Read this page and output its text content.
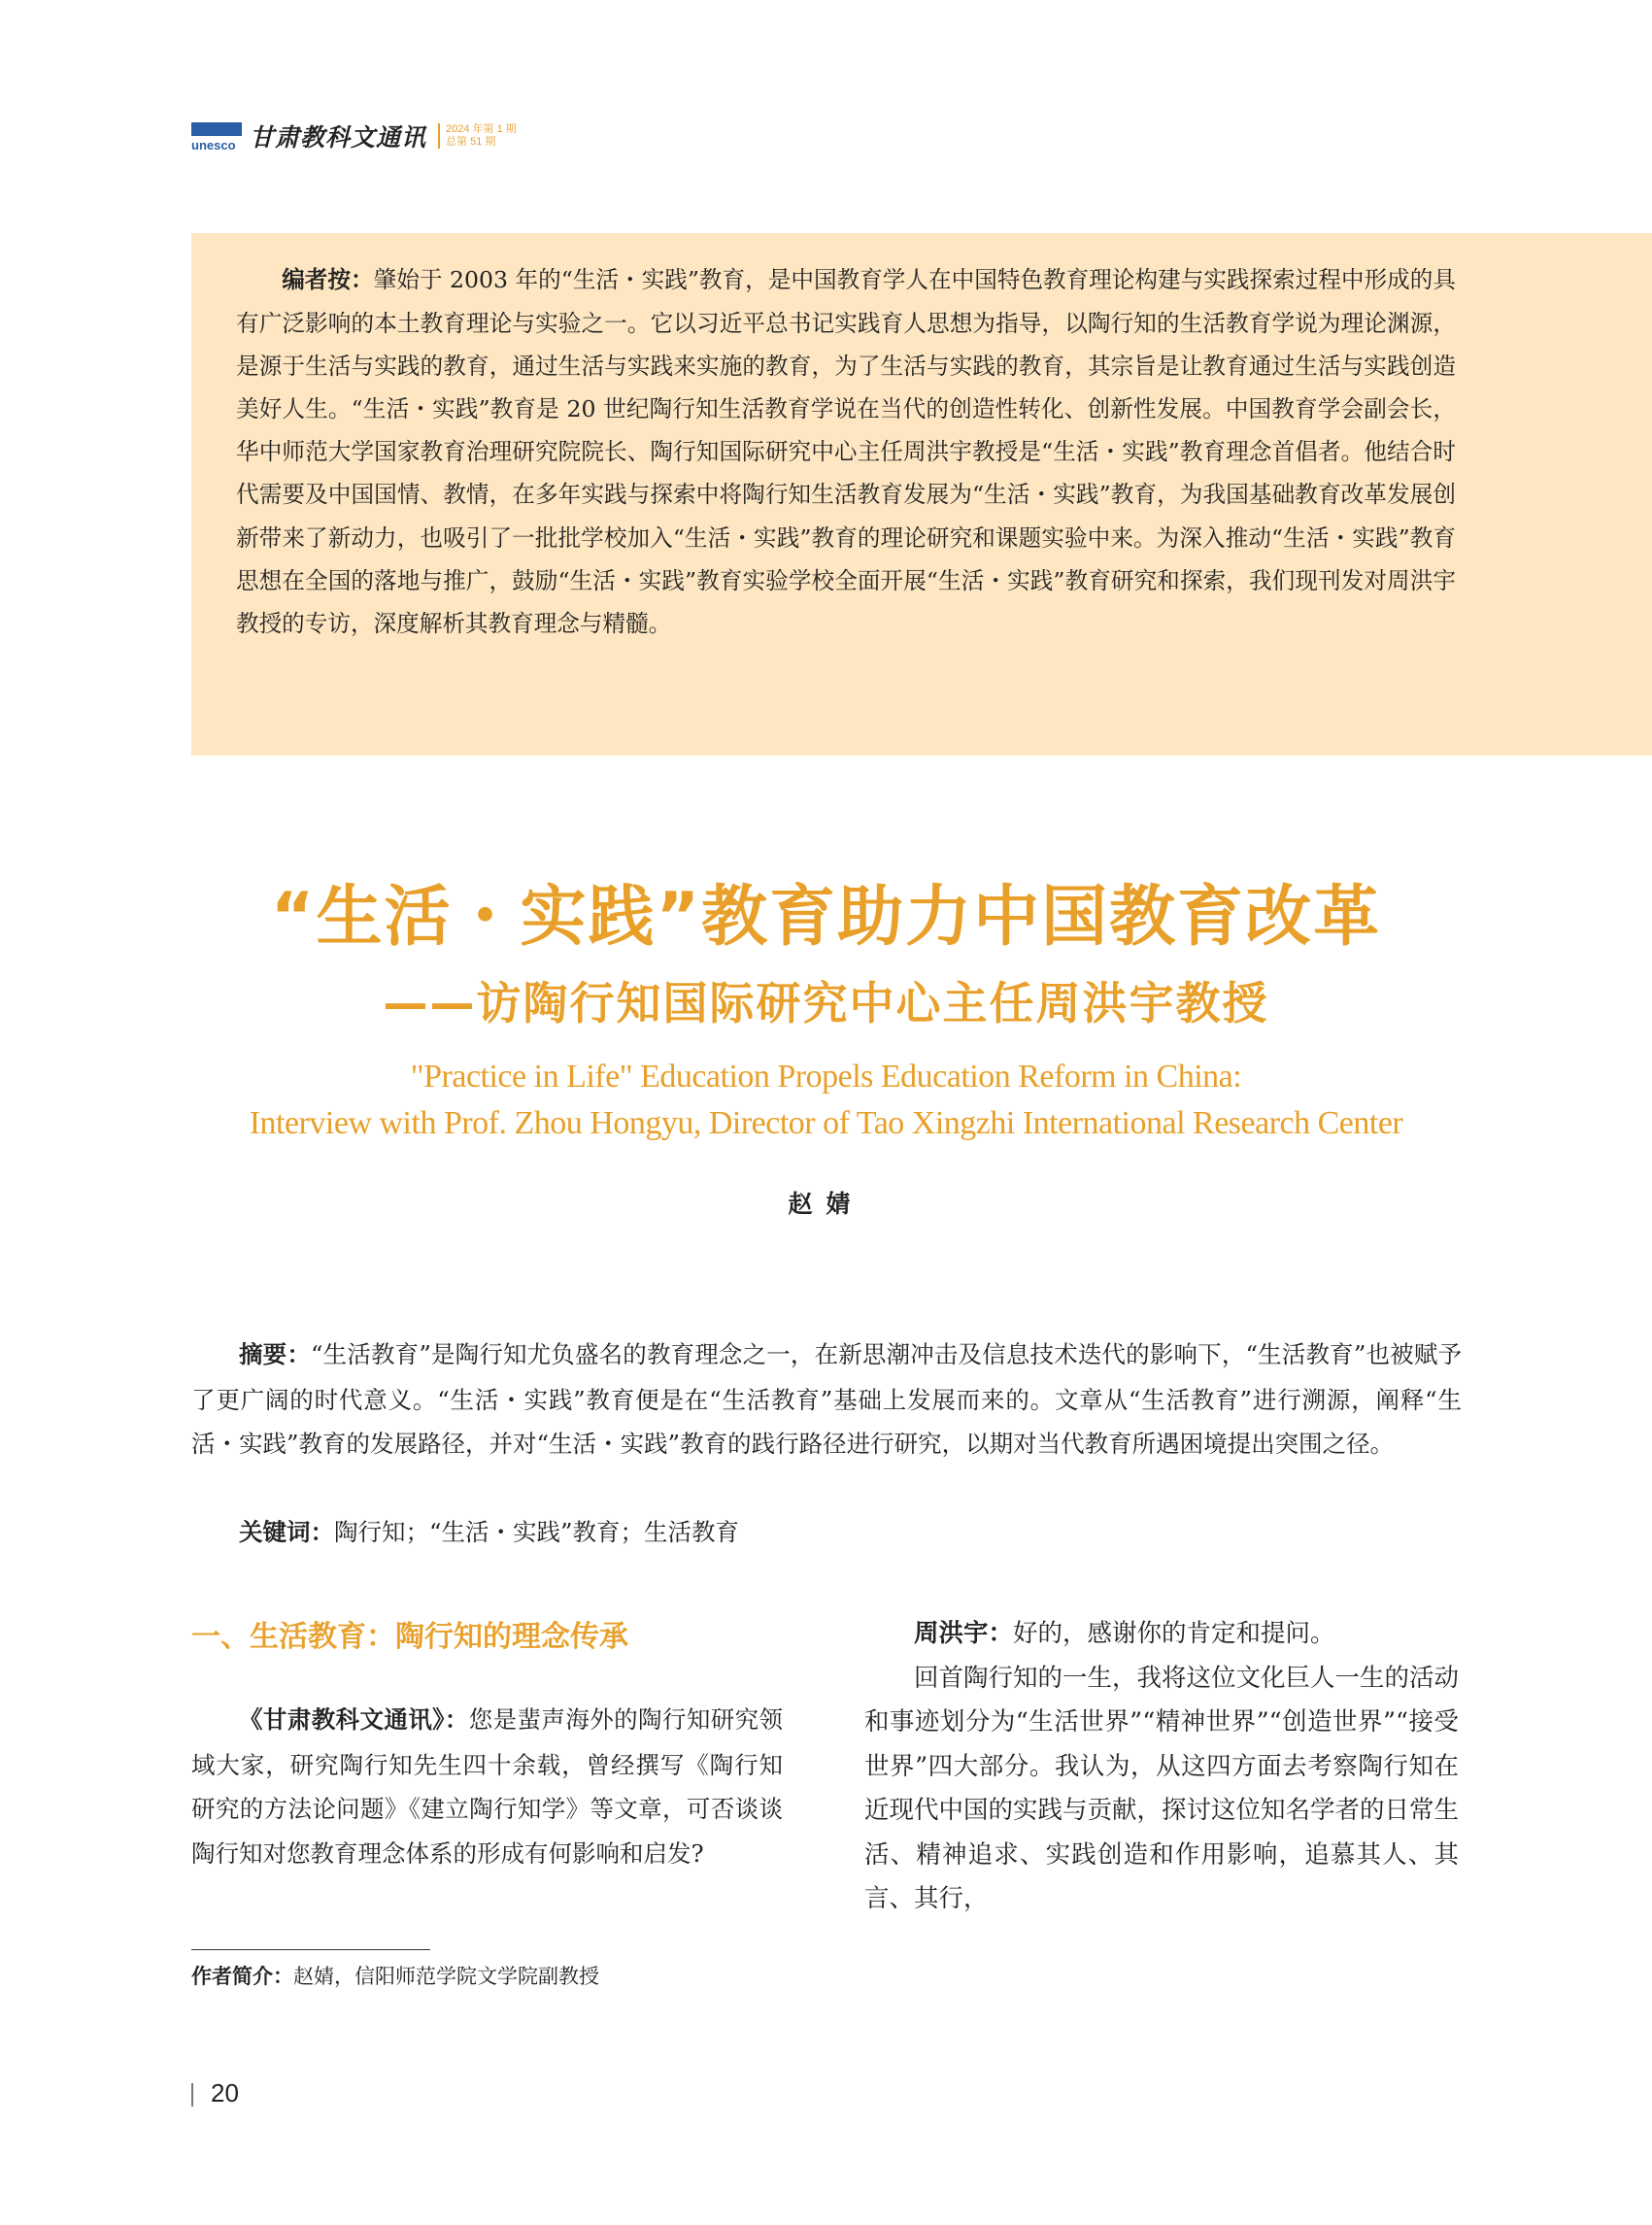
unesco 甘肃教科文通讯 2024 年第 1 期
总第 51 期

编者按：肇始于 2003 年的“生活・实践”教育，是中国教育学人在中国特色教育理论构建与实践探索过程中形成的具有广泛影响的本土教育理论与实验之一。它以习近平总书记实践育人思想为指导，以陶行知的生活教育学说为理论渊源，是源于生活与实践的教育，通过生活与实践来实施的教育，为了生活与实践的教育，其宗旨是让教育通过生活与实践创造美好人生。“生活・实践”教育是 20 世纪陶行知生活教育学说在当代的创造性转化、创新性发展。中国教育学会副会长，华中师范大学国家教育治理研究院院长、陶行知国际研究中心主任周洪宇教授是“生活・实践”教育理念首倡者。他结合时代需要及中国国情、教情，在多年实践与探索中将陶行知生活教育发展为“生活・实践”教育，为我国基础教育改革发展创新带来了新动力，也吸引了一批批学校加入“生活・实践”教育的理论研究和课题实验中来。为深入推动“生活・实践”教育思想在全国的落地与推广，鼓励“生活・实践”教育实验学校全面开展“生活・实践”教育研究和探索，我们现刊发对周洪宇教授的专访，深度解析其教育理念与精髓。

“生活・实践”教育助力中国教育改革
——访陶行知国际研究中心主任周洪宇教授
"Practice in Life" Education Propels Education Reform in China:
Interview with Prof. Zhou Hongyu, Director of Tao Xingzhi International Research Center
赵婧

摘要：“生活教育”是陶行知尤负盛名的教育理念之一，在新思潮冲击及信息技术迭代的影响下，“生活教育”也被赋予了更广阔的时代意义。“生活・实践”教育便是在“生活教育”基础上发展而来的。文章从“生活教育”进行溯源，阐释“生活・实践”教育的发展路径，并对“生活・实践”教育的践行路径进行研究，以期对当代教育所遇困境提出突围之径。

关键词：陶行知；“生活・实践”教育；生活教育

一、生活教育：陶行知的理念传承

《甘肃教科文通讯》：您是蜚声海外的陶行知研究领域大家，研究陶行知先生四十余载，曾经撰写《陶行知研究的方法论问题》《建立陶行知学》等文章，可否谈谈陶行知对您教育理念体系的形成有何影响和启发?

周洪宇：好的，感谢你的肯定和提问。

回首陶行知的一生，我将这位文化巨人一生的活动和事迹划分为“生活世界”“精神世界”“创造世界”“接受世界”四大部分。我认为，从这四方面去考察陶行知在近现代中国的实践与贡献，探讨这位知名学者的日常生活、精神追求、实践创造和作用影响，追慕其人、其言、其行，

作者简介：赵婧，信阳师范学院文学院副教授

20
